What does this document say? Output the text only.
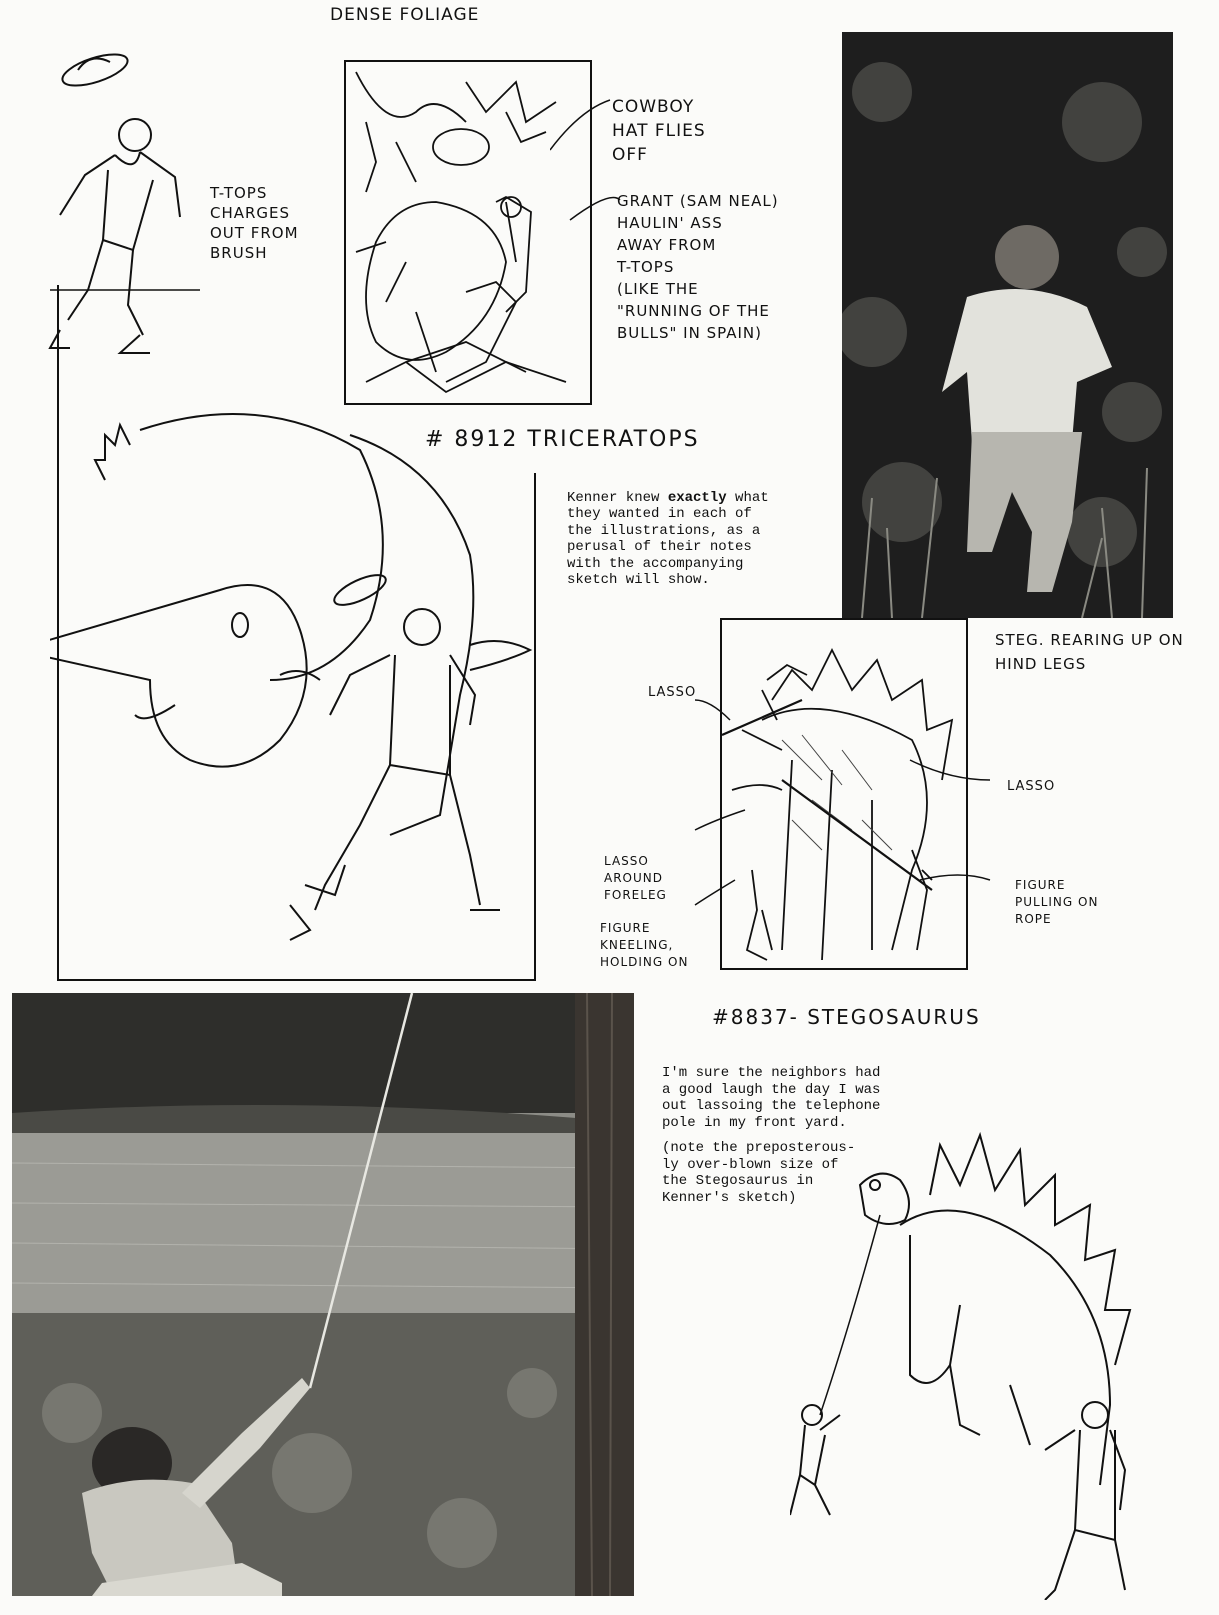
T-TOPS
CHARGES
OUT FROM
BRUSH
DENSE FOLIAGE
COWBOY
HAT FLIES
OFF
GRANT (SAM NEAL)
HAULIN' ASS
AWAY FROM
T-TOPS
(LIKE THE
"RUNNING OF THE
BULLS" IN SPAIN)
STEG. REARING UP ON
HIND LEGS
# 8912 TRICERATOPS

Kenner knew exactly what
they wanted in each of
the illustrations, as a
perusal of their notes
with the accompanying
sketch will show.

LASSO
LASSO
LASSO
AROUND
FORELEG
FIGURE
KNEELING,
HOLDING ON
FIGURE
PULLING ON
ROPE
#8837- STEGOSAURUS
I'm sure the neighbors had
a good laugh the day I was
out lassoing the telephone
pole in my front yard.
(note the preposterous-
ly over-blown size of
the Stegosaurus in
Kenner's sketch)
